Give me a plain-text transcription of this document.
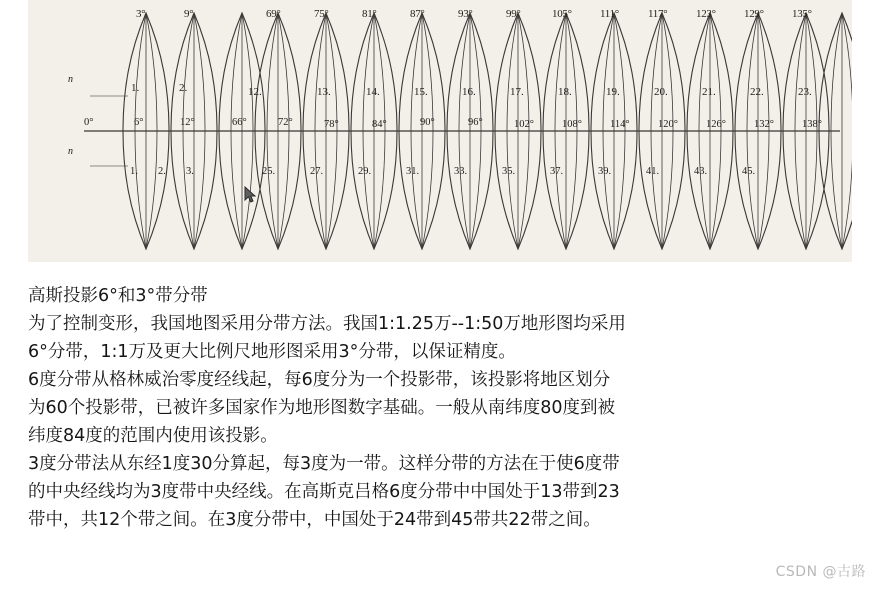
3°	9°	69°	75°	81°	87°	93°	99°	105°	111°	117°	123°	129°	135°
1.	2.	12.	13.	14.	15.	16.	17.	18.	19.	20.	21.	22.	23.
0°	6°	12°	66°	72°	78°	84°	90°	96°	102°	108°	114°	120°	126°	132°	138°
1. 2. 3.	25.	27.	29.	31.	33.	35.	37.	39.	41.	43.	45.
n
n

高斯投影6°和3°带分带

为了控制变形，我国地图采用分带方法。我国1:1.25万--1:50万地形图均采用

6°分带，1:1万及更大比例尺地形图采用3°分带，以保证精度。

6度分带从格林威治零度经线起，每6度分为一个投影带，该投影将地区划分

为60个投影带，已被许多国家作为地形图数字基础。一般从南纬度80度到被

纬度84度的范围内使用该投影。

3度分带法从东经1度30分算起，每3度为一带。这样分带的方法在于使6度带

的中央经线均为3度带中央经线。在高斯克吕格6度分带中中国处于13带到23

带中，共12个带之间。在3度分带中，中国处于24带到45带共22带之间。

CSDN @古路
